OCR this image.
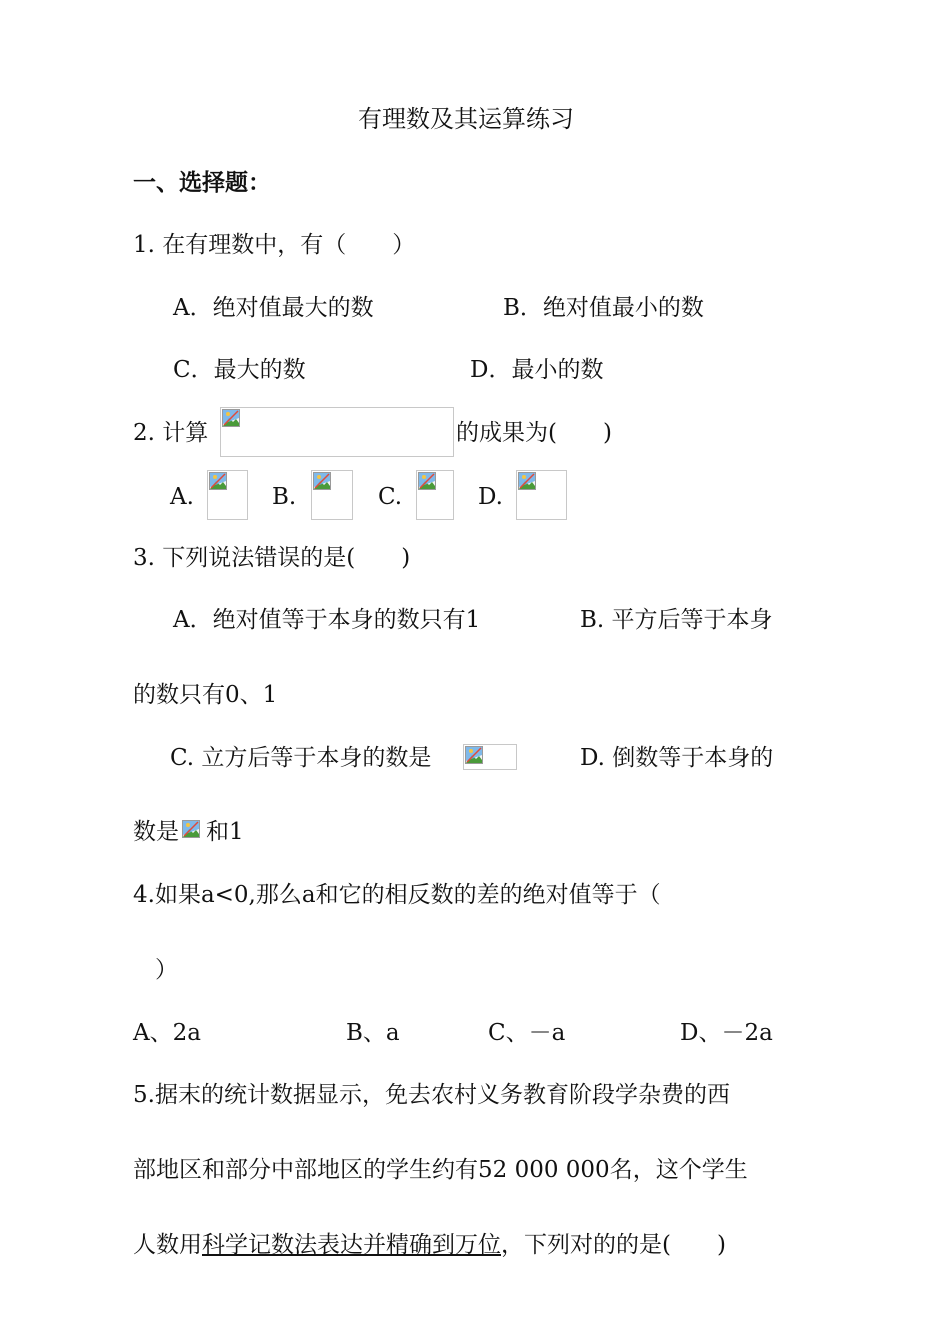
有理数及其运算练习
一、选择题：
1. 在有理数中，有（　　）
A．绝对值最大的数	B．绝对值最小的数
C．最大的数	D．最小的数
2. 计算	的成果为(　　)
A.	B.	C.	D.
3. 下列说法错误的是(　　)
A．绝对值等于本身的数只有1	B. 平方后等于本身
的数只有0、1
C. 立方后等于本身的数是	D. 倒数等于本身的
数是 和1
4.如果a<0,那么a和它的相反数的差的绝对值等于（
）
A、2a	B、a	C、－a	D、－2a
5.据末的统计数据显示，免去农村义务教育阶段学杂费的西
部地区和部分中部地区的学生约有52 000 000名，这个学生
人数用科学记数法表达并精确到万位，下列对的的是(　　)
